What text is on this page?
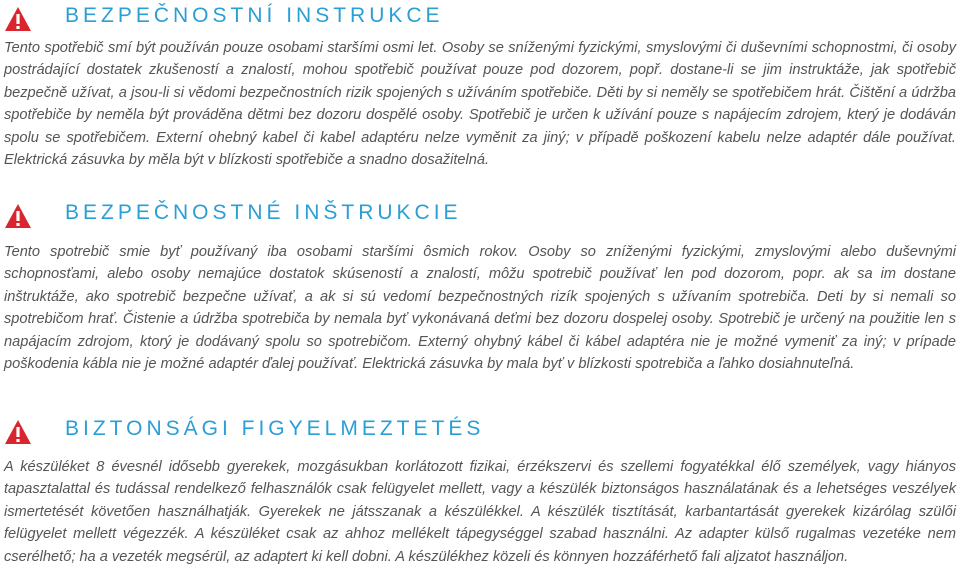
BEZPEČNOSTNÍ INSTRUKCE
Tento spotřebič smí být používán pouze osobami staršími osmi let. Osoby se sníženými fyzickými, smyslovými či duševními schopnostmi, či osoby postrádající dostatek zkušeností a znalostí, mohou spotřebič používat pouze pod dozorem, popř. dostane-li se jim instruktáže, jak spotřebič bezpečně užívat, a jsou-li si vědomi bezpečnostních rizik spojených s užíváním spotřebiče. Děti by si neměly se spotřebičem hrát. Čištění a údržba spotřebiče by neměla být prováděna dětmi bez dozoru dospělé osoby. Spotřebič je určen k užívání pouze s napájecím zdrojem, který je dodáván spolu se spotřebičem. Externí ohebný kabel či kabel adaptéru nelze vyměnit za jiný; v případě poškození kabelu nelze adaptér dále používat. Elektrická zásuvka by měla být v blízkosti spotřebiče a snadno dosažitelná.
BEZPEČNOSTNÉ INŠTRUKCIE
Tento spotrebič smie byť používaný iba osobami staršími ôsmich rokov. Osoby so zníženými fyzickými, zmyslovými alebo duševnými schopnosťami, alebo osoby nemajúce dostatok skúseností a znalostí, môžu spotrebič používať len pod dozorom, popr. ak sa im dostane inštruktáže, ako spotrebič bezpečne užívať, a ak si sú vedomí bezpečnostných rizík spojených s užívaním spotrebiča. Deti by si nemali so spotrebičom hrať. Čistenie a údržba spotrebiča by nemala byť vykonávaná deťmi bez dozoru dospelej osoby. Spotrebič je určený na použitie len s napájacím zdrojom, ktorý je dodávaný spolu so spotrebičom. Externý ohybný kábel či kábel adaptéra nie je možné vymeniť za iný; v prípade poškodenia kábla nie je možné adaptér ďalej používať. Elektrická zásuvka by mala byť v blízkosti spotrebiča a ľahko dosiahnuteľná.
BIZTONSÁGI FIGYELMEZTETÉS
A készüléket 8 évesnél idősebb gyerekek, mozgásukban korlátozott fizikai, érzékszervi és szellemi fogyatékkal élő személyek, vagy hiányos tapasztalattal és tudással rendelkező felhasználók csak felügyelet mellett, vagy a készülék biztonságos használatának és a lehetséges veszélyek ismertetését követően használhatják. Gyerekek ne játsszanak a készülékkel. A készülék tisztítását, karbantartását gyerekek kizárólag szülői felügyelet mellett végezzék. A készüléket csak az ahhoz mellékelt tápegységgel szabad használni. Az adapter külső rugalmas vezetéke nem cserélhető; ha a vezeték megsérül, az adaptert ki kell dobni. A készülékhez közeli és könnyen hozzáférhető fali aljzatot használjon.
